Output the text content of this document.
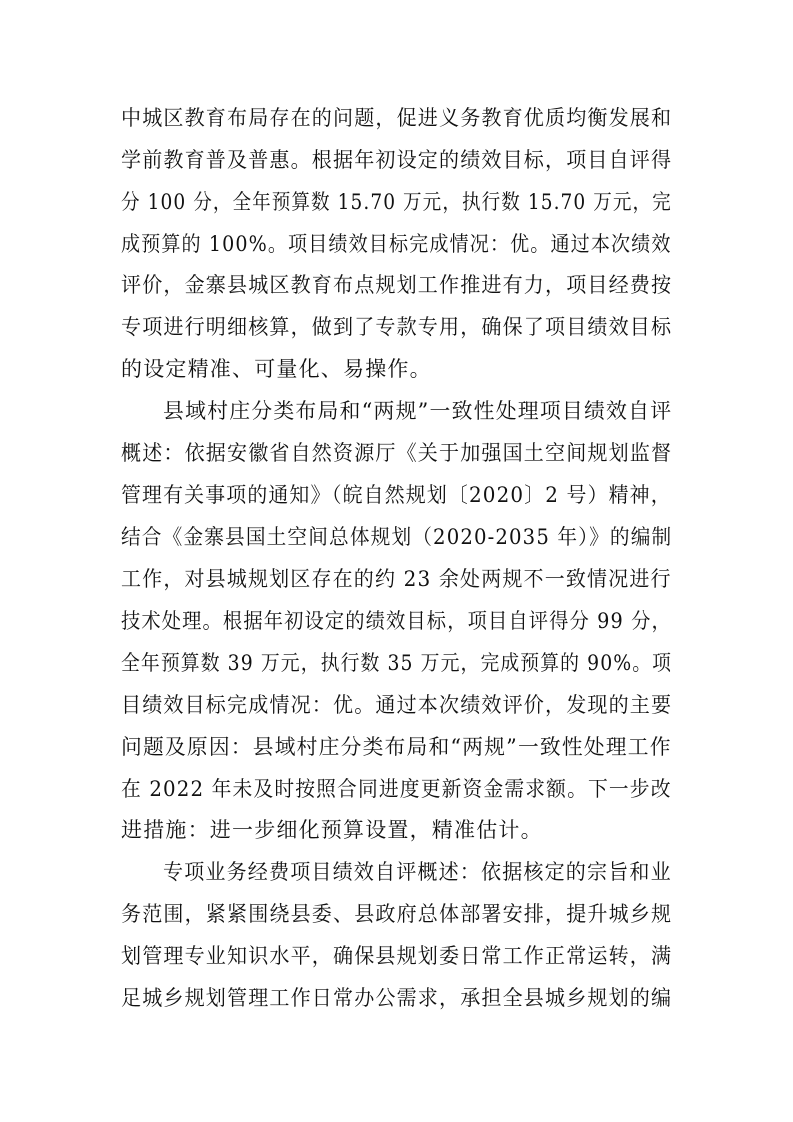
中城区教育布局存在的问题，促进义务教育优质均衡发展和
学前教育普及普惠。根据年初设定的绩效目标，项目自评得
分 100 分，全年预算数 15.70 万元，执行数 15.70 万元，完
成预算的 100%。项目绩效目标完成情况：优。通过本次绩效
评价，金寨县城区教育布点规划工作推进有力，项目经费按
专项进行明细核算，做到了专款专用，确保了项目绩效目标
的设定精准、可量化、易操作。
县域村庄分类布局和“两规”一致性处理项目绩效自评
概述：依据安徽省自然资源厅《关于加强国土空间规划监督
管理有关事项的通知》（皖自然规划〔2020〕2 号）精神，
结合《金寨县国土空间总体规划（2020-2035 年）》的编制
工作，对县城规划区存在的约 23 余处两规不一致情况进行
技术处理。根据年初设定的绩效目标，项目自评得分 99 分，
全年预算数 39 万元，执行数 35 万元，完成预算的 90%。项
目绩效目标完成情况：优。通过本次绩效评价，发现的主要
问题及原因：县域村庄分类布局和“两规”一致性处理工作
在 2022 年未及时按照合同进度更新资金需求额。下一步改
进措施：进一步细化预算设置，精准估计。
专项业务经费项目绩效自评概述：依据核定的宗旨和业
务范围，紧紧围绕县委、县政府总体部署安排，提升城乡规
划管理专业知识水平，确保县规划委日常工作正常运转，满
足城乡规划管理工作日常办公需求，承担全县城乡规划的编
